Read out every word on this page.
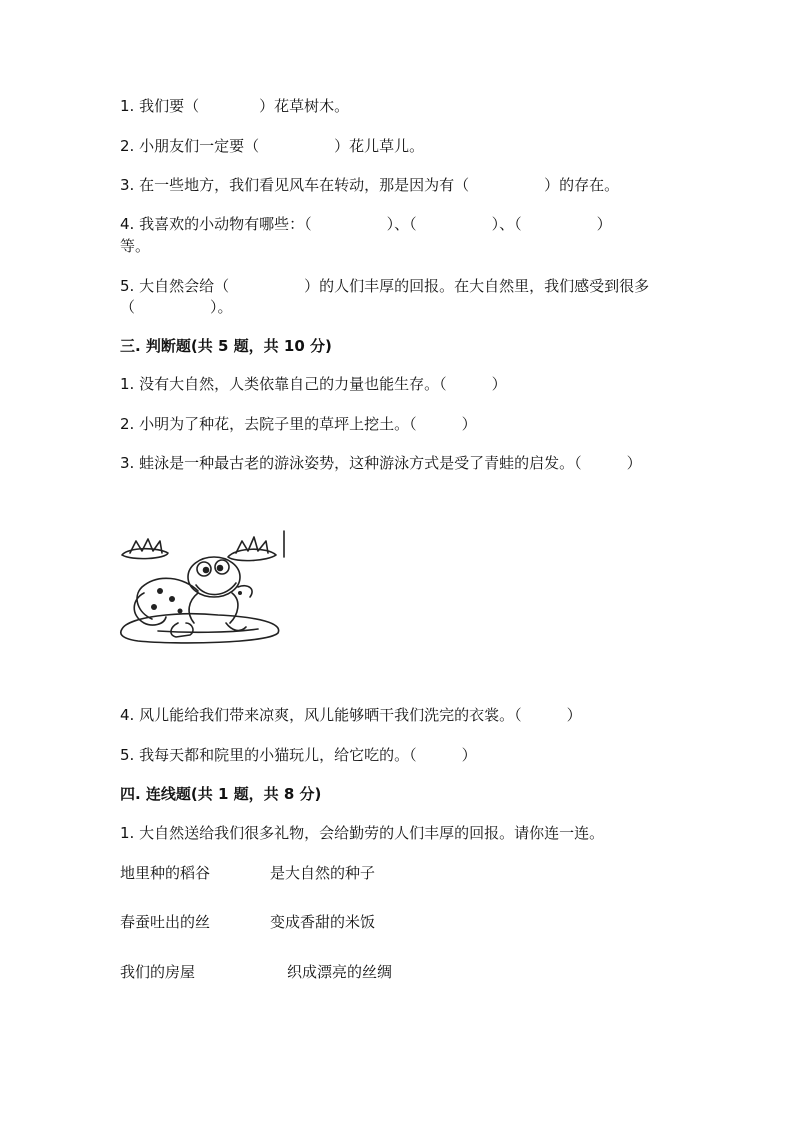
1. 我们要（　　　　）花草树木。
2. 小朋友们一定要（　　　　　）花儿草儿。
3. 在一些地方，我们看见风车在转动，那是因为有（　　　　　）的存在。
4. 我喜欢的小动物有哪些：（　　　　　）、（　　　　　）、（　　　　　）
等。
5. 大自然会给（　　　　　）的人们丰厚的回报。在大自然里，我们感受到很多
（　　　　　）。
三. 判断题(共 5 题，共 10 分)
1. 没有大自然，人类依靠自己的力量也能生存。（　　　）
2. 小明为了种花，去院子里的草坪上挖土。（　　　）
3. 蛙泳是一种最古老的游泳姿势，这种游泳方式是受了青蛙的启发。（　　　）
4. 风儿能给我们带来凉爽，风儿能够晒干我们洗完的衣裳。（　　　）
5. 我每天都和院里的小猫玩儿，给它吃的。（　　　）
四. 连线题(共 1 题，共 8 分)
1. 大自然送给我们很多礼物，会给勤劳的人们丰厚的回报。请你连一连。
地里种的稻谷	是大自然的种子
春蚕吐出的丝	变成香甜的米饭
我们的房屋	织成漂亮的丝绸
